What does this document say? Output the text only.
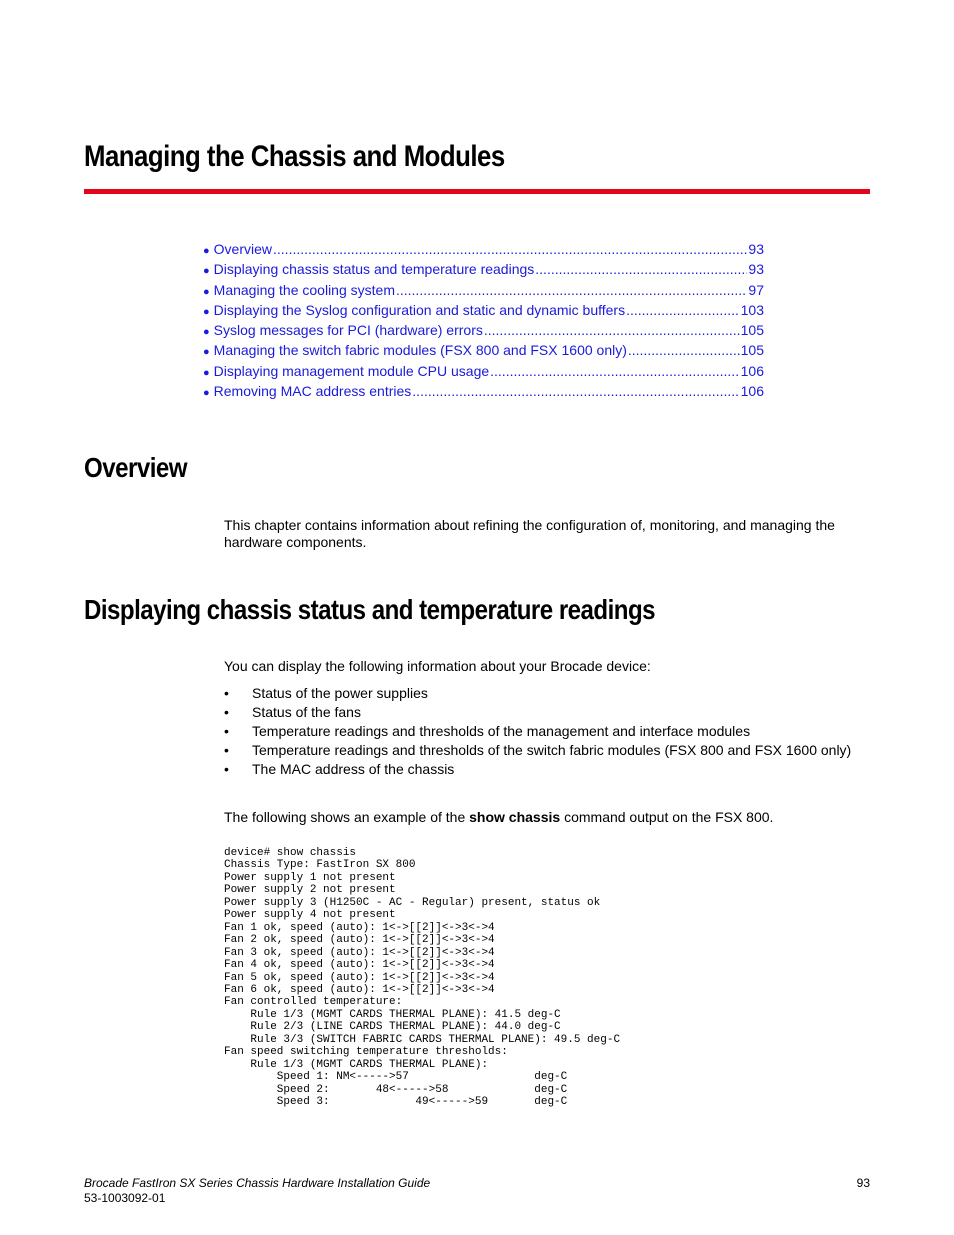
Managing the Chassis and Modules
● Overview .....	93
● Displaying chassis status and temperature readings .....	93
● Managing the cooling system .....	97
● Displaying the Syslog configuration and static and dynamic buffers .....	103
● Syslog messages for PCI (hardware) errors .....	105
● Managing the switch fabric modules (FSX 800 and FSX 1600 only) .....	105
● Displaying management module CPU usage .....	106
● Removing MAC address entries .....	106
Overview

This chapter contains information about refining the configuration of, monitoring, and managing the hardware components.

Displaying chassis status and temperature readings

You can display the following information about your Brocade device:

• Status of the power supplies
• Status of the fans
• Temperature readings and thresholds of the management and interface modules
• Temperature readings and thresholds of the switch fabric modules (FSX 800 and FSX 1600 only)
• The MAC address of the chassis

The following shows an example of the show chassis command output on the FSX 800.

device# show chassis
Chassis Type: FastIron SX 800
Power supply 1 not present
Power supply 2 not present
Power supply 3 (H1250C - AC - Regular) present, status ok
Power supply 4 not present
Fan 1 ok, speed (auto): 1<->[[2]]<->3<->4
Fan 2 ok, speed (auto): 1<->[[2]]<->3<->4
Fan 3 ok, speed (auto): 1<->[[2]]<->3<->4
Fan 4 ok, speed (auto): 1<->[[2]]<->3<->4
Fan 5 ok, speed (auto): 1<->[[2]]<->3<->4
Fan 6 ok, speed (auto): 1<->[[2]]<->3<->4
Fan controlled temperature:
Rule 1/3 (MGMT CARDS THERMAL PLANE): 41.5 deg-C
Rule 2/3 (LINE CARDS THERMAL PLANE): 44.0 deg-C
Rule 3/3 (SWITCH FABRIC CARDS THERMAL PLANE): 49.5 deg-C
Fan speed switching temperature thresholds:
Rule 1/3 (MGMT CARDS THERMAL PLANE):
Speed 1: NM<----->57                   deg-C
Speed 2:       48<----->58             deg-C
Speed 3:             49<----->59       deg-C

Brocade FastIron SX Series Chassis Hardware Installation Guide
53-1003092-01
93
